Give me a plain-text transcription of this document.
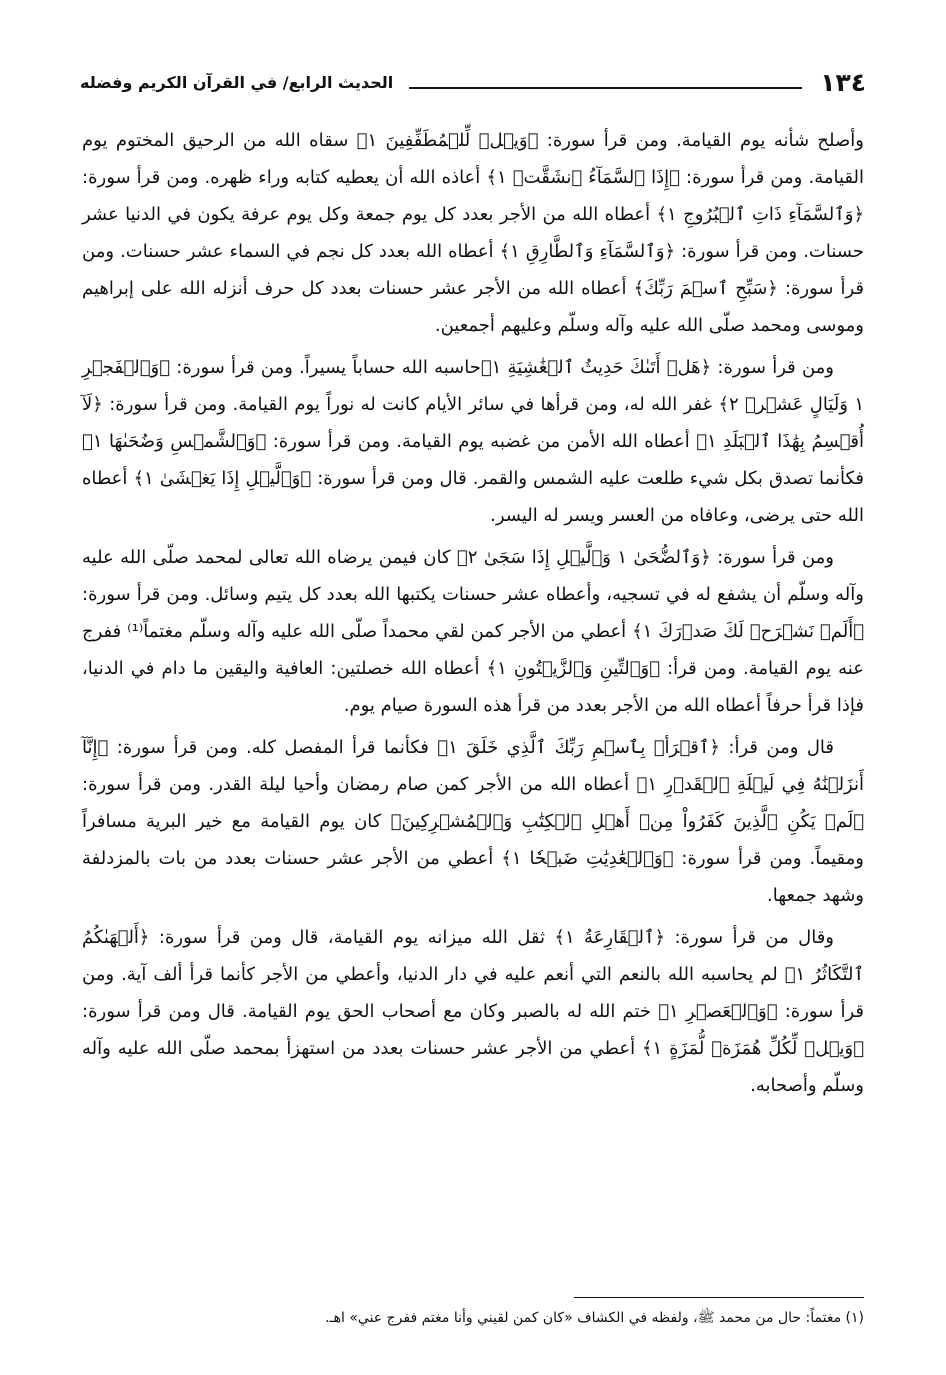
١٣٤
الحديث الرابع/ في القرآن الكريم وفضله

وأصلح شأنه يوم القيامة. ومن قرأ سورة: ﴿وَيۡلٞ لِّلۡمُطَفِّفِينَ ١﴾ سقاه الله من الرحيق المختوم يوم القيامة. ومن قرأ سورة: ﴿إِذَا ٱلسَّمَآءُ ٱنشَقَّتۡ ١﴾ أعاذه الله أن يعطيه كتابه وراء ظهره. ومن قرأ سورة: ﴿وَٱلسَّمَآءِ ذَاتِ ٱلۡبُرُوجِ ١﴾ أعطاه الله من الأجر بعدد كل يوم جمعة وكل يوم عرفة يكون في الدنيا عشر حسنات. ومن قرأ سورة: ﴿وَٱلسَّمَآءِ وَٱلطَّارِقِ ١﴾ أعطاه الله بعدد كل نجم في السماء عشر حسنات. ومن قرأ سورة: ﴿سَبِّحِ ٱسۡمَ رَبِّكَ﴾ أعطاه الله من الأجر عشر حسنات بعدد كل حرف أنزله الله على إبراهيم وموسى ومحمد صلّى الله عليه وآله وسلّم وعليهم أجمعين.

ومن قرأ سورة: ﴿هَلۡ أَتَىٰكَ حَدِيثُ ٱلۡغَٰشِيَةِ ١﴾حاسبه الله حساباً يسيراً. ومن قرأ سورة: ﴿وَٱلۡفَجۡرِ ١ وَلَيَالٍ عَشۡرٖ ٢﴾ غفر الله له، ومن قرأها في سائر الأيام كانت له نوراً يوم القيامة. ومن قرأ سورة: ﴿لَآ أُقۡسِمُ بِهَٰذَا ٱلۡبَلَدِ ١﴾ أعطاه الله الأمن من غضبه يوم القيامة. ومن قرأ سورة: ﴿وَٱلشَّمۡسِ وَضُحَىٰهَا ١﴾ فكأنما تصدق بكل شيء طلعت عليه الشمس والقمر. قال ومن قرأ سورة: ﴿وَٱلَّيۡلِ إِذَا يَغۡشَىٰ ١﴾ أعطاه الله حتى يرضى، وعافاه من العسر ويسر له اليسر.

ومن قرأ سورة: ﴿وَٱلضُّحَىٰ ١ وَٱلَّيۡلِ إِذَا سَجَىٰ ٢﴾ كان فيمن يرضاه الله تعالى لمحمد صلّى الله عليه وآله وسلّم أن يشفع له في تسجيه، وأعطاه عشر حسنات يكتبها الله بعدد كل يتيم وسائل. ومن قرأ سورة: ﴿أَلَمۡ نَشۡرَحۡ لَكَ صَدۡرَكَ ١﴾ أعطي من الأجر كمن لقي محمداً صلّى الله عليه وآله وسلّم مغتماً⁽¹⁾ ففرج عنه يوم القيامة. ومن قرأ: ﴿وَٱلتِّينِ وَٱلزَّيۡتُونِ ١﴾ أعطاه الله خصلتين: العافية واليقين ما دام في الدنيا، فإذا قرأ حرفاً أعطاه الله من الأجر بعدد من قرأ هذه السورة صيام يوم.

قال ومن قرأ: ﴿ٱقۡرَأۡ بِٱسۡمِ رَبِّكَ ٱلَّذِي خَلَقَ ١﴾ فكأنما قرأ المفصل كله. ومن قرأ سورة: ﴿إِنَّآ أَنزَلۡنَٰهُ فِي لَيۡلَةِ ٱلۡقَدۡرِ ١﴾ أعطاه الله من الأجر كمن صام رمضان وأحيا ليلة القدر. ومن قرأ سورة: ﴿لَمۡ يَكُنِ ٱلَّذِينَ كَفَرُواْ مِنۡ أَهۡلِ ٱلۡكِتَٰبِ وَٱلۡمُشۡرِكِينَ﴾ كان يوم القيامة مع خير البرية مسافراً ومقيماً. ومن قرأ سورة: ﴿وَٱلۡعَٰدِيَٰتِ ضَبۡحٗا ١﴾ أعطي من الأجر عشر حسنات بعدد من بات بالمزدلفة وشهد جمعها.

وقال من قرأ سورة: ﴿ٱلۡقَارِعَةُ ١﴾ ثقل الله ميزانه يوم القيامة، قال ومن قرأ سورة: ﴿أَلۡهَىٰكُمُ ٱلتَّكَاثُرُ ١﴾ لم يحاسبه الله بالنعم التي أنعم عليه في دار الدنيا، وأعطي من الأجر كأنما قرأ ألف آية. ومن قرأ سورة: ﴿وَٱلۡعَصۡرِ ١﴾ ختم الله له بالصبر وكان مع أصحاب الحق يوم القيامة. قال ومن قرأ سورة: ﴿وَيۡلٞ لِّكُلِّ هُمَزَةٖ لُّمَزَةٍ ١﴾ أعطي من الأجر عشر حسنات بعدد من استهزأ بمحمد صلّى الله عليه وآله وسلّم وأصحابه.

(١) مغتماً: حال من محمد ﷺ، ولفظه في الكشاف «كان كمن لقيني وأنا مغتم ففرج عني» اهـ.
